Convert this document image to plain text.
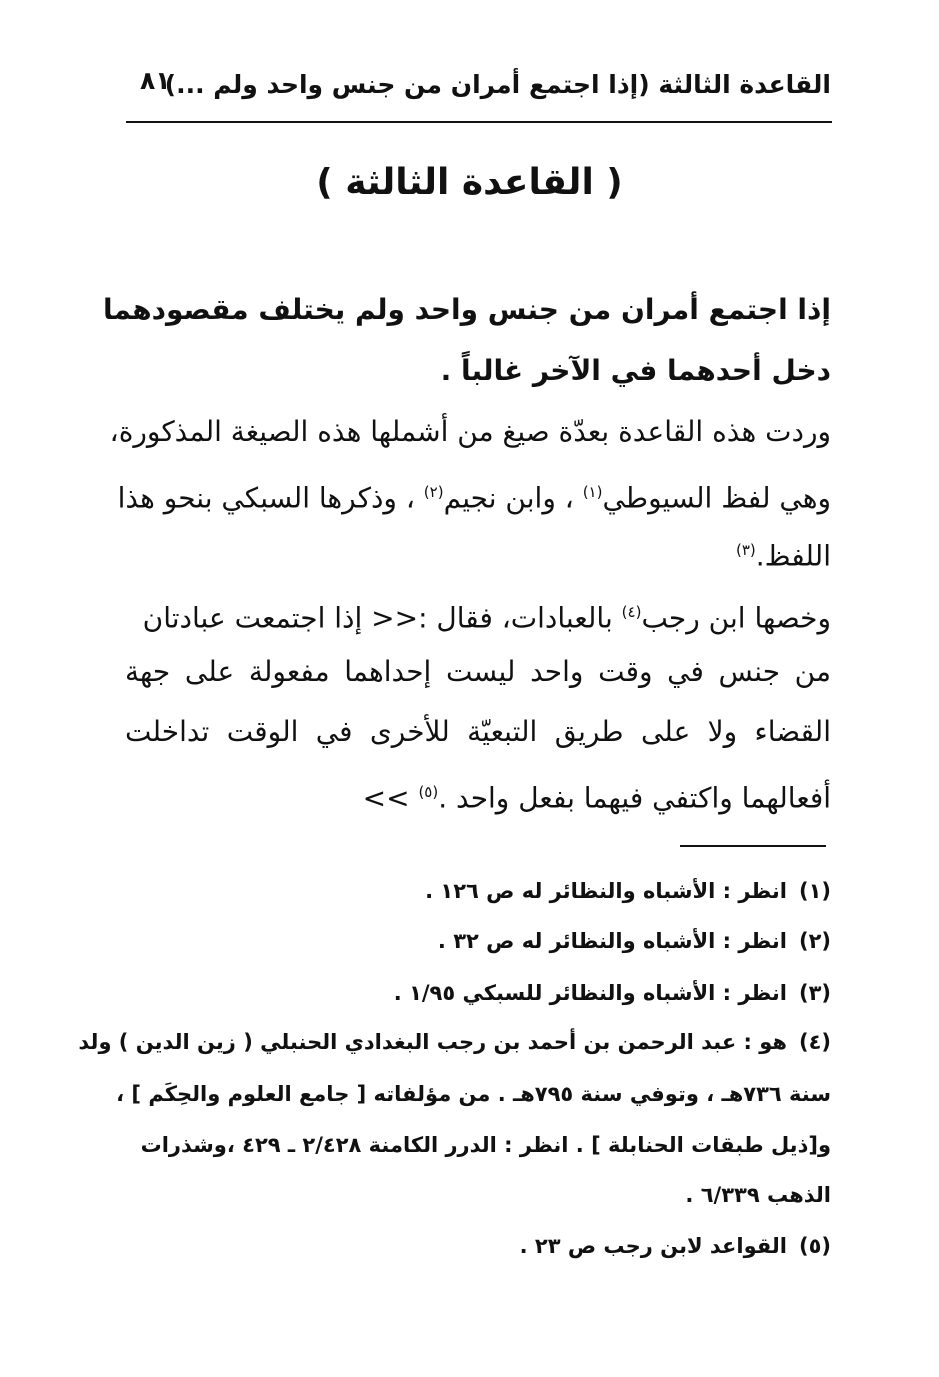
القاعدة الثالثة (إذا اجتمع أمران من جنس واحد ولم ...)
٨١
( القاعدة الثالثة )
إذا اجتمع أمران من جنس واحد ولم يختلف مقصودهما
دخل أحدهما في الآخر غالباً .
وردت هذه القاعدة بعدّة صيغ من أشملها هذه الصيغة المذكورة،
وهي لفظ السيوطي$^{(١)}$ ، وابن نجيم$^{(٢)}$ ، وذكرها السبكي بنحو هذا
اللفظ.$^{(٣)}$
وخصها ابن رجب$^{(٤)}$ بالعبادات، فقال :<< إذا اجتمعت عبادتان
من جنس في وقت واحد ليست إحداهما مفعولة على جهة
القضاء ولا على طريق التبعيّة للأخرى في الوقت تداخلت
أفعالهما واكتفي فيهما بفعل واحد .$^{(٥)}$ >>
(١)انظر : الأشباه والنظائر له ص ١٢٦ .
(٢)انظر : الأشباه والنظائر له ص ٣٢ .
(٣)انظر : الأشباه والنظائر للسبكي ١/٩٥ .
(٤)هو : عبد الرحمن بن أحمد بن رجب البغدادي الحنبلي ( زين الدين ) ولد
سنة ٧٣٦هـ ، وتوفي سنة ٧٩٥هـ . من مؤلفاته [ جامع العلوم والحِكَم ] ،
و[ذيل طبقات الحنابلة ] . انظر : الدرر الكامنة ٢/٤٢٨ ـ ٤٢٩ ،وشذرات
الذهب ٦/٣٣٩ .
(٥)القواعد لابن رجب ص ٢٣ .
